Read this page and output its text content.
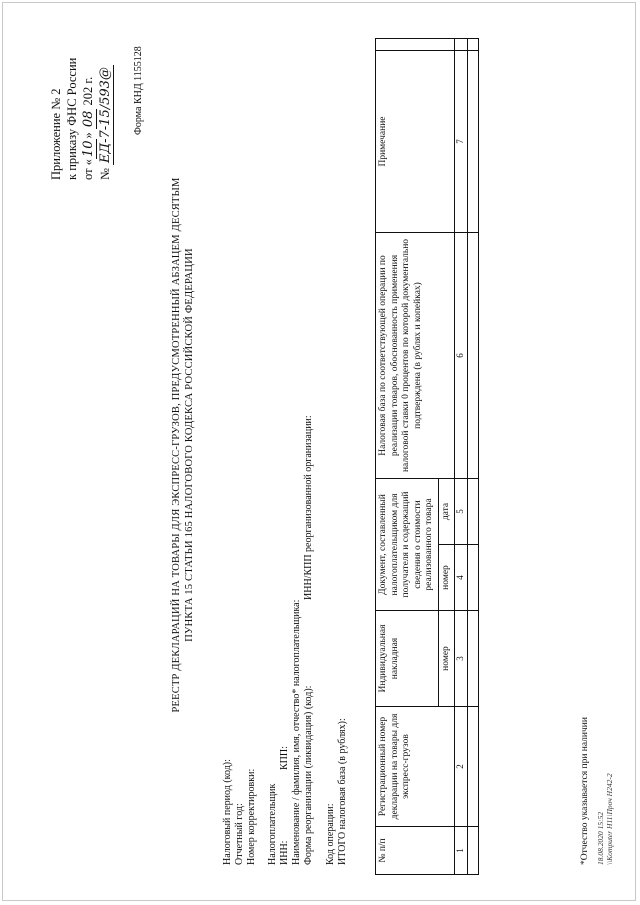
Приложение № 2 к приказу ФНС России от «10» 08 202 г.
№ ЕД-7-15/593@ Форма КНД 1155128
РЕЕСТР ДЕКЛАРАЦИЙ НА ТОВАРЫ ДЛЯ ЭКСПРЕСС-ГРУЗОВ, ПРЕДУСМОТРЕННЫЙ АБЗАЦЕМ ДЕСЯТЫМ ПУНКТА 15 СТАТЬИ 165 НАЛОГОВОГО КОДЕКСА РОССИЙСКОЙ ФЕДЕРАЦИИ
Налоговый период (код): Отчетный год: Номер корректировки: Налогоплательщик ИНН:
КПП: Наименование / фамилия, имя, отчество* налогоплательщика: Форма реорганизации (ликвидация) (код):
ИНН/КПП реорганизованной организации:
Код операции: ИТОГО налоговая база (в рублях):	№ п/п	Регистрационный номер декларации на товары для экспресс-грузов	Индивидуальная накладная	Документ, составленный налогоплательщиком для получателя и содержащий сведения о стоимости реализованного товара		Налоговая база по соответствующей операции по реализации товаров, обоснованность применения налоговой ставки 0 процентов по которой документально подтверждена (в рублях и копейках)	Примечание	
		номер	номер	дата			
1	2	3	4	5	6	7	

*Отчество указывается при наличии 18.08.2020 15:52 \\Komputer H11\Проч Н242-2
